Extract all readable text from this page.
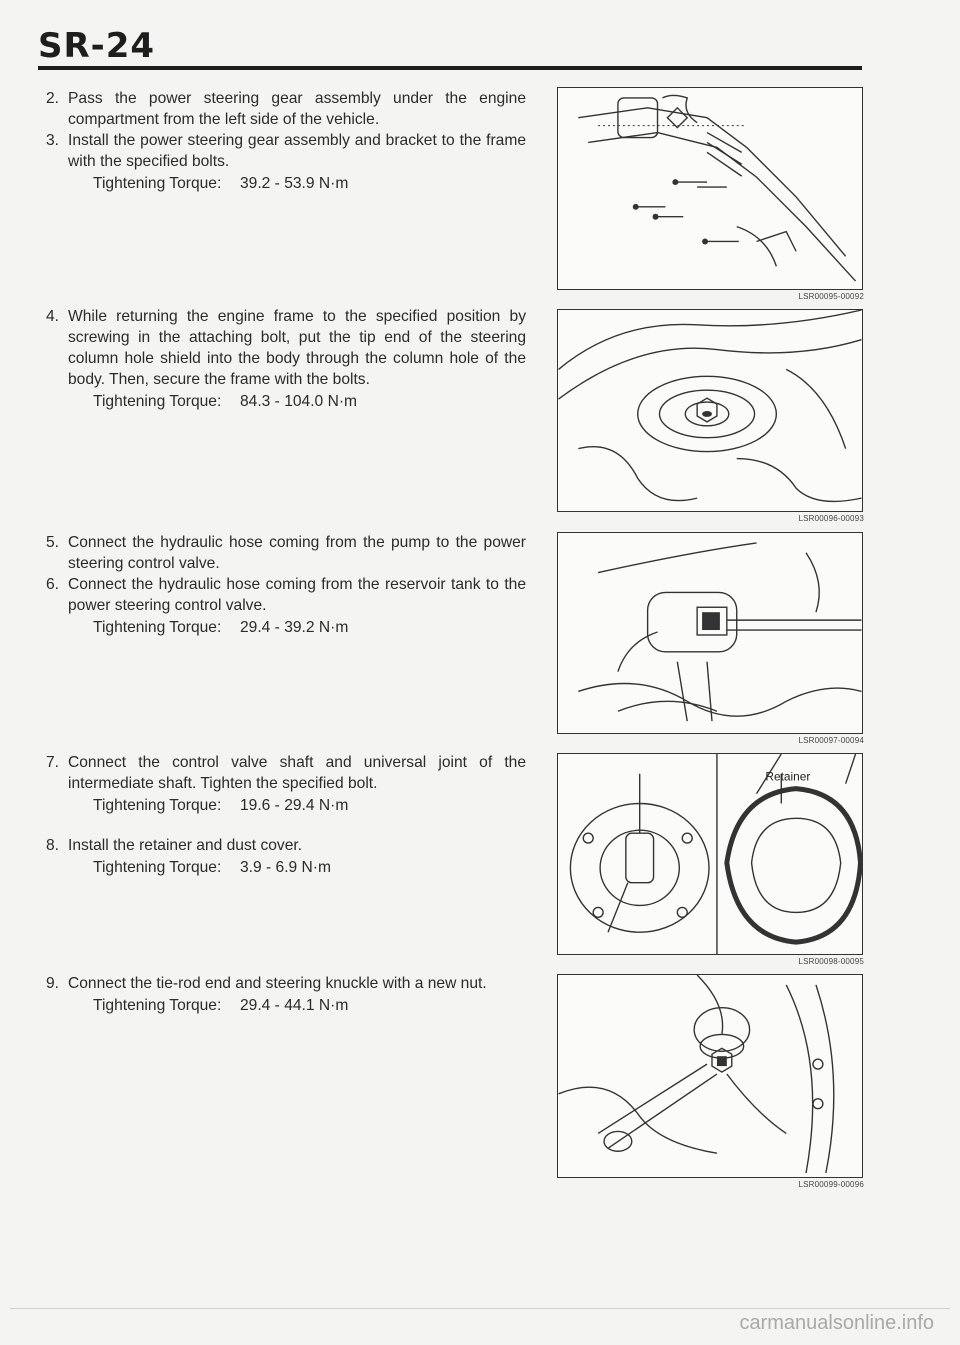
SR-24
2. Pass the power steering gear assembly under the engine compartment from the left side of the vehicle.
3. Install the power steering gear assembly and bracket to the frame with the specified bolts.
Tightening Torque: 39.2 - 53.9 N·m
4. While returning the engine frame to the specified position by screwing in the attaching bolt, put the tip end of the steering column hole shield into the body through the column hole of the body. Then, secure the frame with the bolts.
Tightening Torque: 84.3 - 104.0 N·m
5. Connect the hydraulic hose coming from the pump to the power steering control valve.
6. Connect the hydraulic hose coming from the reservoir tank to the power steering control valve.
Tightening Torque: 29.4 - 39.2 N·m
7. Connect the control valve shaft and universal joint of the intermediate shaft. Tighten the specified bolt.
Tightening Torque: 19.6 - 29.4 N·m
8. Install the retainer and dust cover.
Tightening Torque: 3.9 - 6.9 N·m
9. Connect the tie-rod end and steering knuckle with a new nut.
Tightening Torque: 29.4 - 44.1 N·m
LSR00095-00092
LSR00096-00093
LSR00097-00094
Retainer
LSR00098-00095
LSR00099-00096
carmanualsonline.info
